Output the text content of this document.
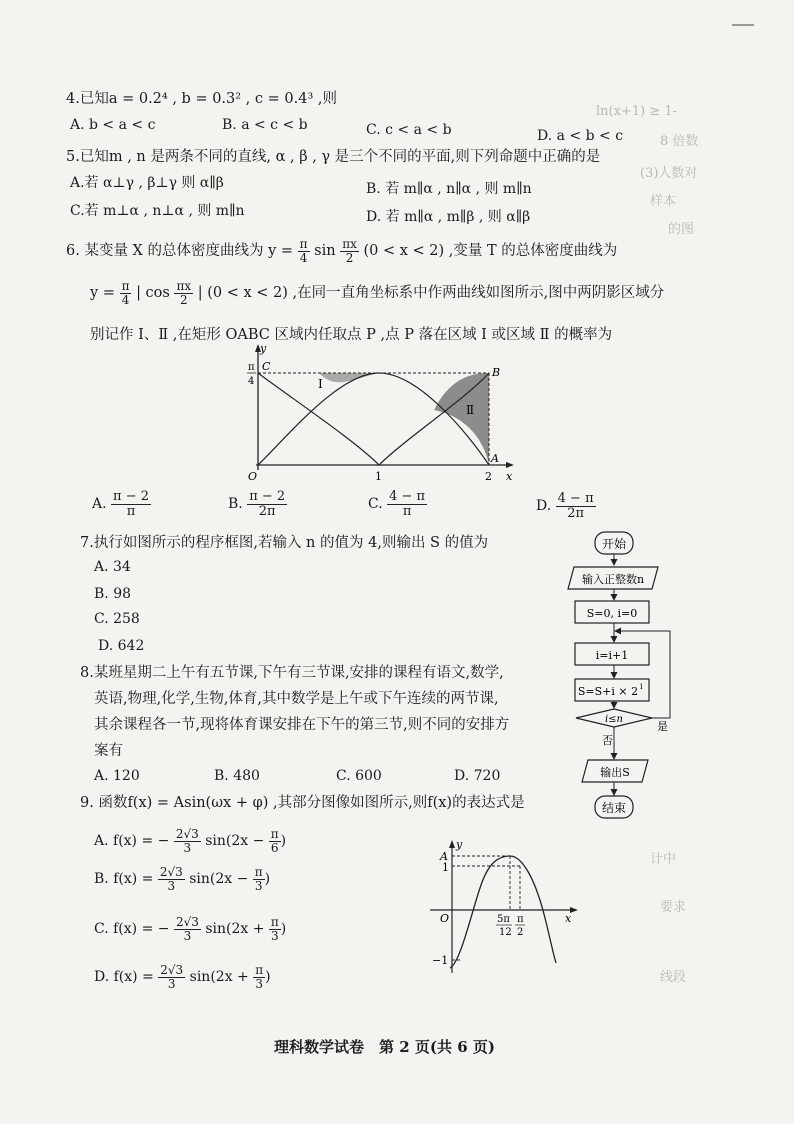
ln(x+1) ≥ 1-
8 倍数
(3)人数对
样本
的图
计中
要求
线段
4.已知a = 0.2⁴ , b = 0.3² , c = 0.4³ ,则
A. b < a < c	B. a < c < b	C. c < a < b	D. a < b < c
5.已知m , n 是两条不同的直线, α , β , γ 是三个不同的平面,则下列命题中正确的是
A.若 α⊥γ , β⊥γ 则 α∥β	B. 若 m∥α , n∥α , 则 m∥n
C.若 m⊥α , n⊥α , 则 m∥n	D. 若 m∥α , m∥β , 则 α∥β
6. 某变量 X 的总体密度曲线为 $y = \frac{\pi}{4}$ $\sin \frac{\pi x}{2} (0 < x < 2)$ ,变量 T 的总体密度曲线为
$y = \frac{\pi}{4}$ | $\cos \frac{\pi x}{2}$ | (0 < x < 2) ,在同一直角坐标系中作两曲线如图所示,图中两阴影区域分
别记作 Ⅰ、Ⅱ ,在矩形 OABC 区域内任取点 P ,点 P 落在区域 Ⅰ 或区域 Ⅱ 的概率为
y
x
O	1	2
π
4
C	B
A
Ⅰ
Ⅱ
A. $\frac{\pi - 2}{\pi}$	B. $\frac{\pi - 2}{2\pi}$	C. $\frac{4 - \pi}{\pi}$	D. $\frac{4 - \pi}{2\pi}$
7.执行如图所示的程序框图,若输入 n 的值为 4,则输出 S 的值为
A. 34
B. 98
C. 258
D. 642
开始
输入正整数n
S=0, i=0
i=i+1
S=S+i × 2 i
i≤n
是
否
输出S
结束
8.某班星期二上午有五节课,下午有三节课,安排的课程有语文,数学,
英语,物理,化学,生物,体育,其中数学是上午或下午连续的两节课,
其余课程各一节,现将体育课安排在下午的第三节,则不同的安排方
案有
A. 120	B. 480	C. 600	D. 720
9. 函数f(x) = Asin(ωx + φ) ,其部分图像如图所示,则f(x)的表达式是
A. f(x) = − $\frac{2√3}{3} \sin(2x - \frac{\pi}{6}$ )
B. $f(x) = \frac{2√3}{3} \sin(2x - \frac{\pi}{3}$ )
C. f(x) = − $\frac{2√3}{3} \sin(2x + \frac{\pi}{3}$ )
D. $f(x) = \frac{2√3}{3} \sin(2x + \frac{\pi}{3}$ )
y
x
O
A
1
−1
5π
12
π
2
理科数学试卷　第 2 页(共 6 页)
